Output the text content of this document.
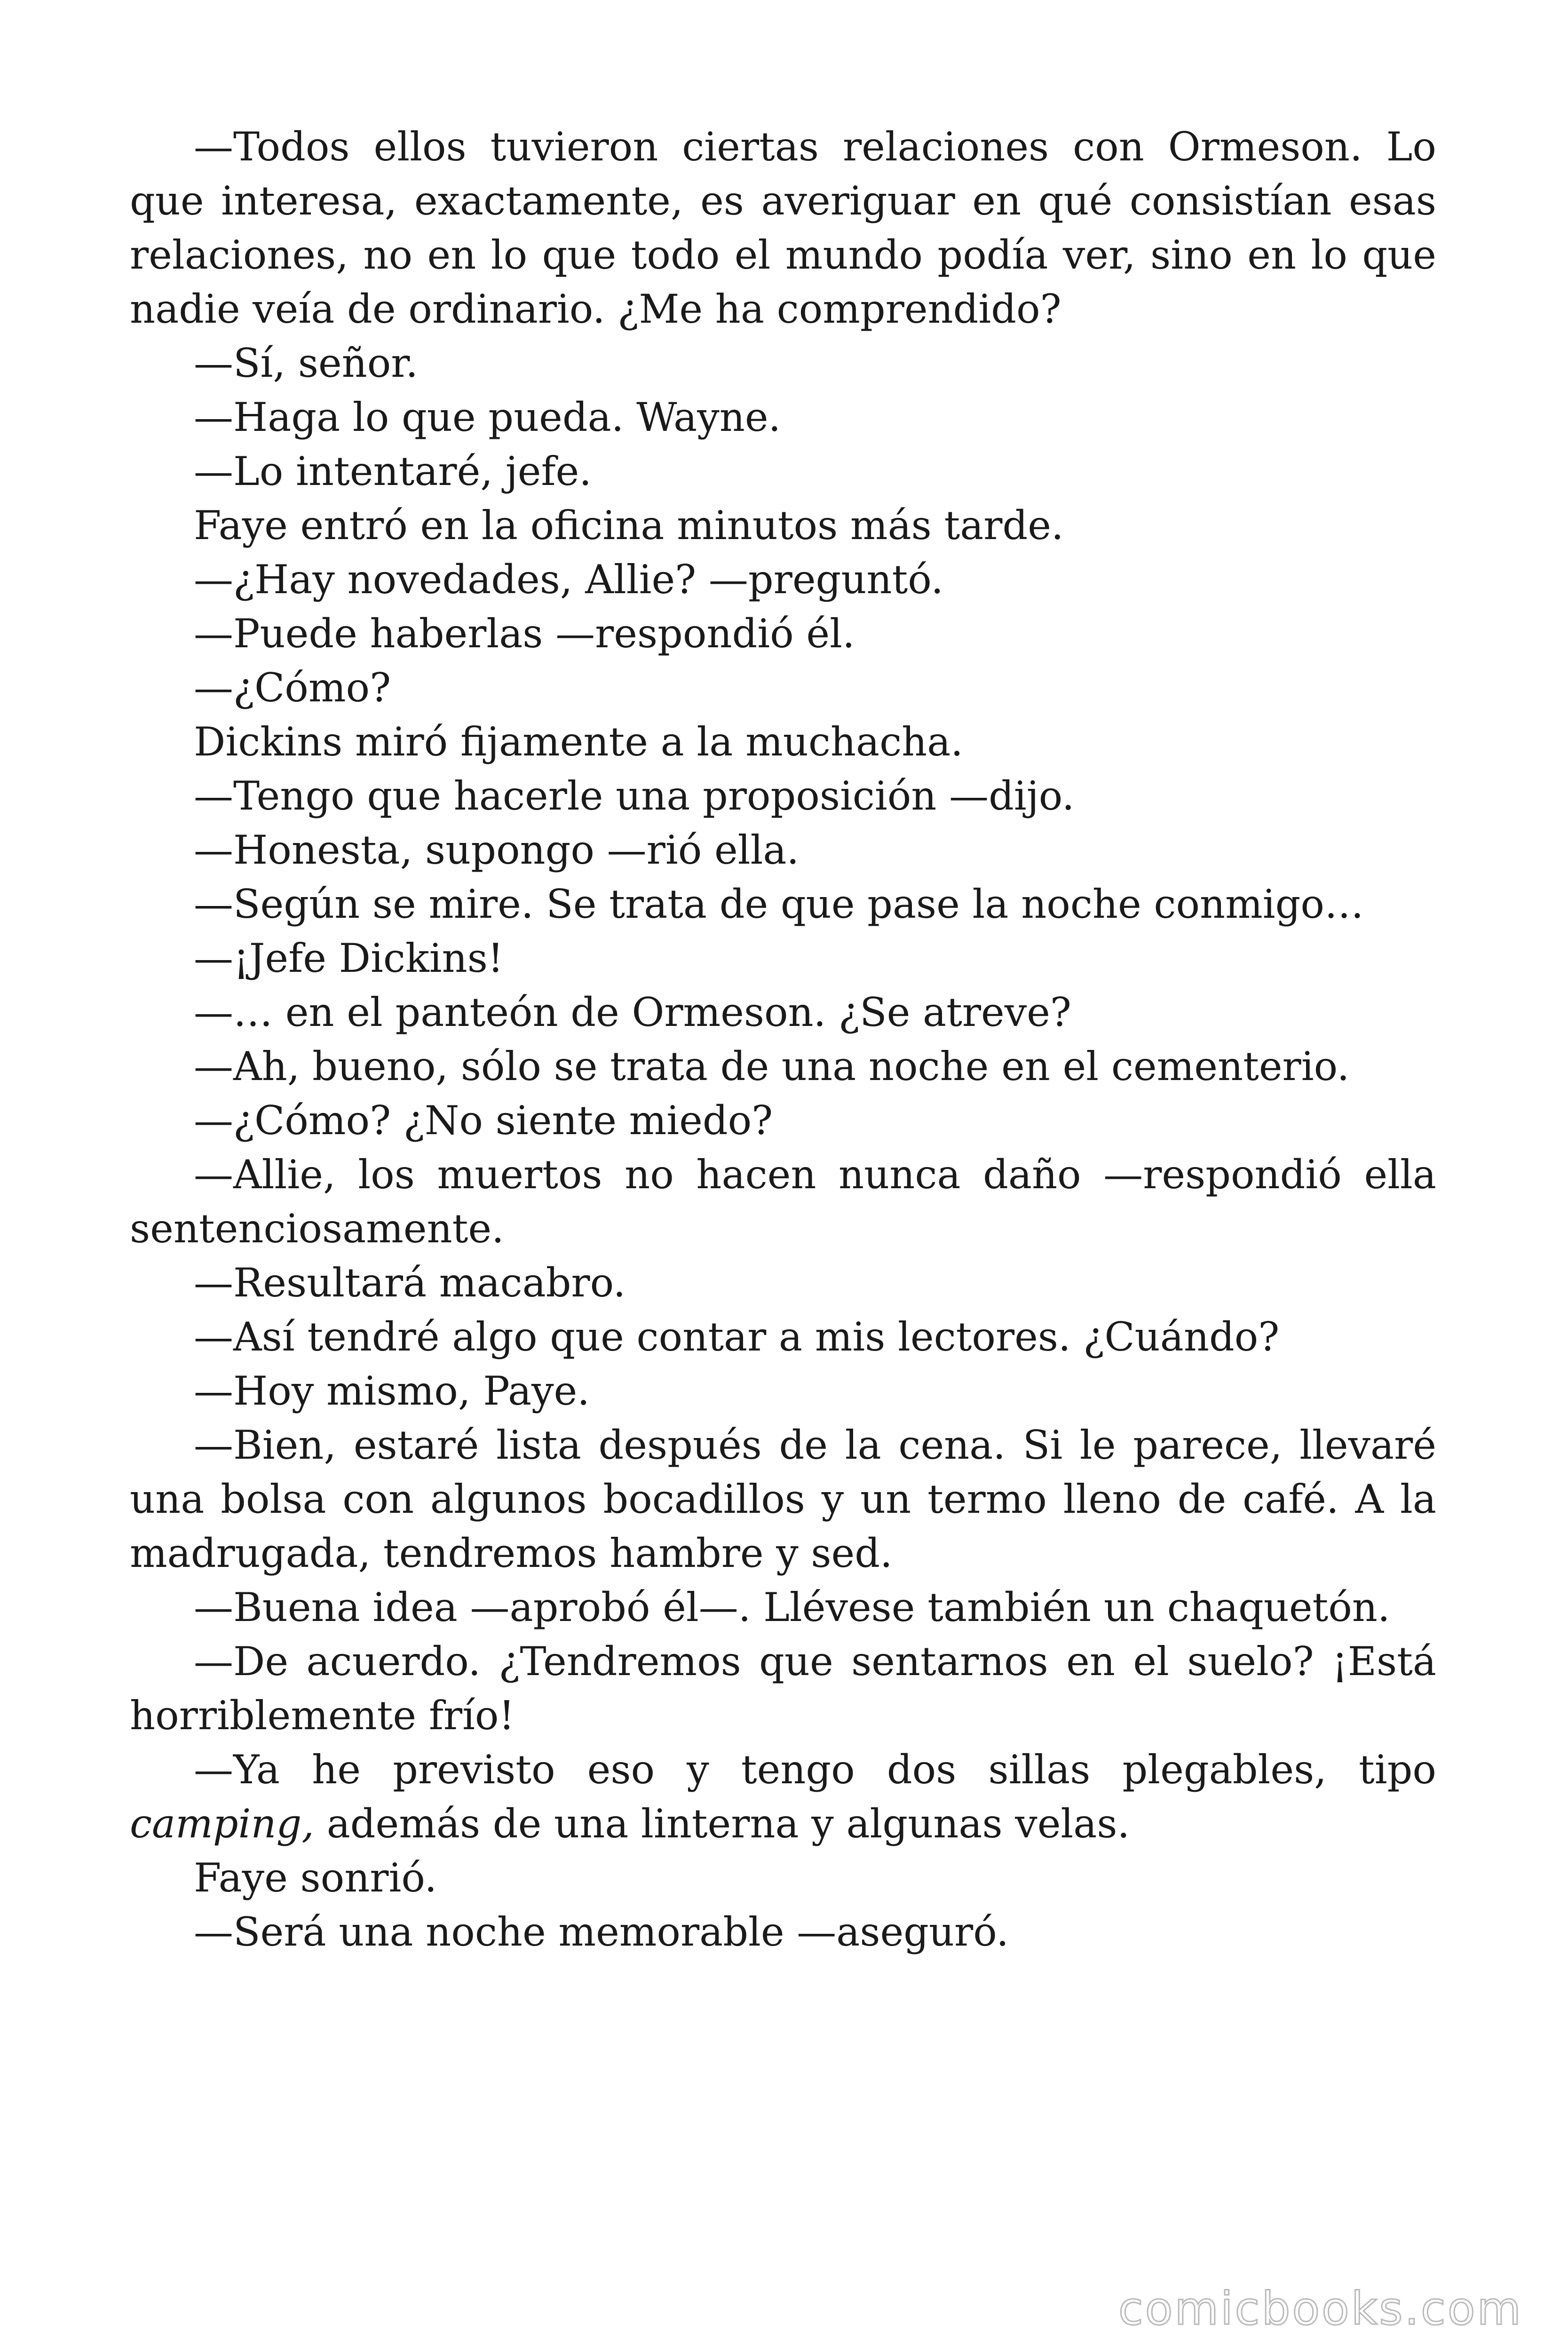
—Todos ellos tuvieron ciertas relaciones con Ormeson. Lo que interesa, exactamente, es averiguar en qué consistían esas relaciones, no en lo que todo el mundo podía ver, sino en lo que nadie veía de ordinario. ¿Me ha comprendido?

—Sí, señor.

—Haga lo que pueda. Wayne.

—Lo intentaré, jefe.

Faye entró en la oficina minutos más tarde.

—¿Hay novedades, Allie? —preguntó.

—Puede haberlas —respondió él.

—¿Cómo?

Dickins miró fijamente a la muchacha.

—Tengo que hacerle una proposición —dijo.

—Honesta, supongo —rió ella.

—Según se mire. Se trata de que pase la noche conmigo…

—¡Jefe Dickins!

—… en el panteón de Ormeson. ¿Se atreve?

—Ah, bueno, sólo se trata de una noche en el cementerio.

—¿Cómo? ¿No siente miedo?

—Allie, los muertos no hacen nunca daño —respondió ella sentenciosamente.

—Resultará macabro.

—Así tendré algo que contar a mis lectores. ¿Cuándo?

—Hoy mismo, Paye.

—Bien, estaré lista después de la cena. Si le parece, llevaré una bolsa con algunos bocadillos y un termo lleno de café. A la madrugada, tendremos hambre y sed.

—Buena idea —aprobó él—. Llévese también un chaquetón.

—De acuerdo. ¿Tendremos que sentarnos en el suelo? ¡Está horriblemente frío!

—Ya he previsto eso y tengo dos sillas plegables, tipo camping, además de una linterna y algunas velas.

Faye sonrió.

—Será una noche memorable —aseguró.

comicbooks.com
